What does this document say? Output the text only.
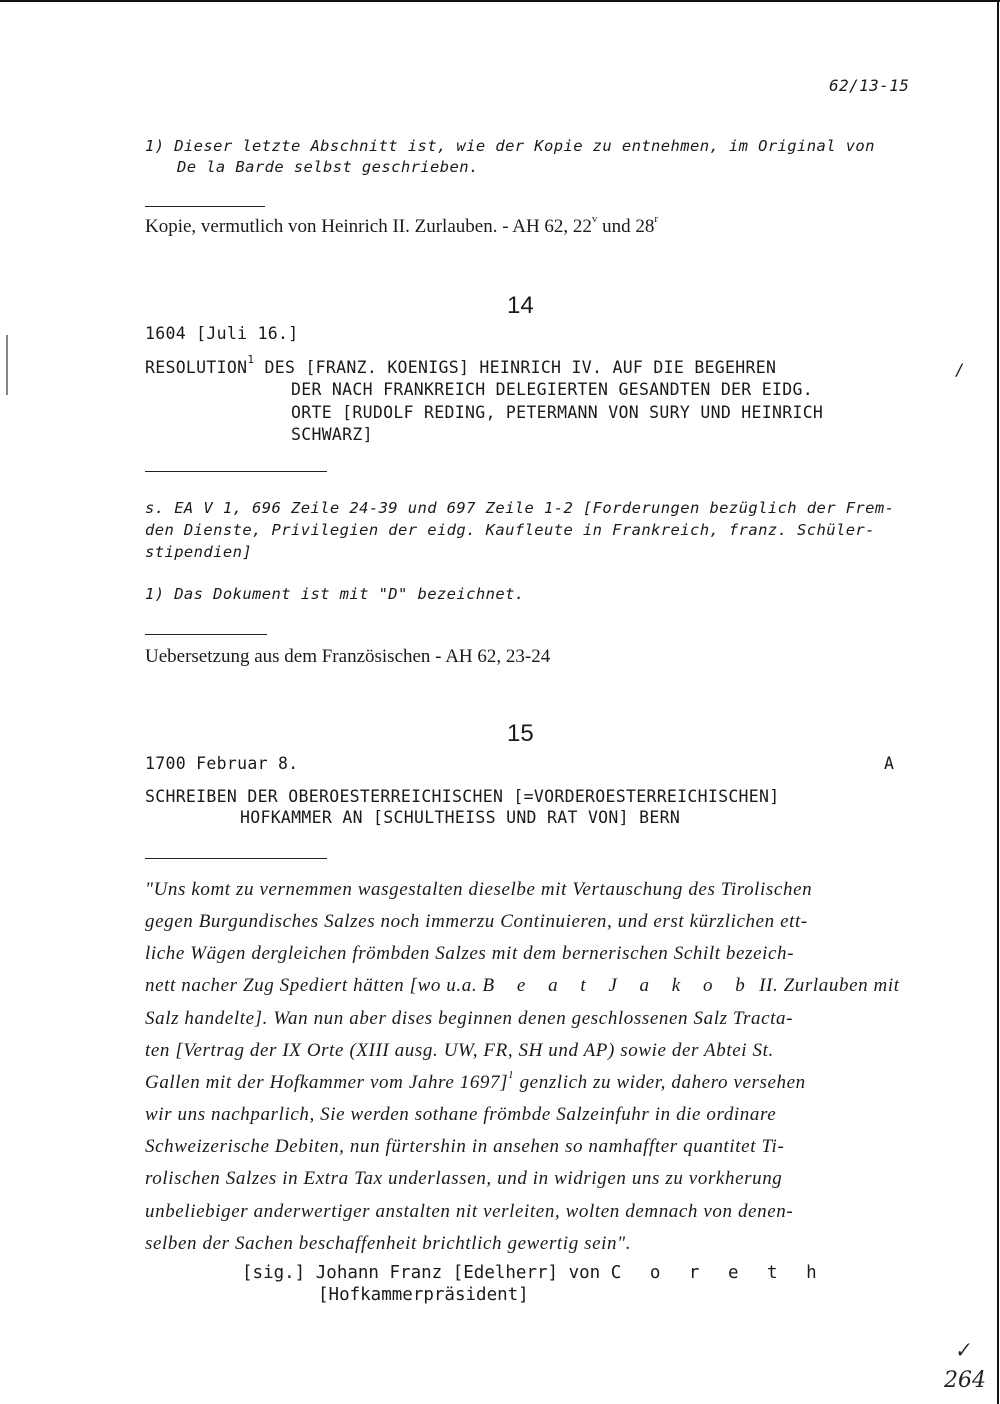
62/13-15
1) Dieser letzte Abschnitt ist, wie der Kopie zu entnehmen, im Original von
De la Barde selbst geschrieben.
Kopie, vermutlich von Heinrich II. Zurlauben. - AH 62, 22$^v$ und 28$^r$
14
1604 [Juli 16.]
RESOLUTION$^1$ DES [FRANZ. KOENIGS] HEINRICH IV. AUF DIE BEGEHREN
DER NACH FRANKREICH DELEGIERTEN GESANDTEN DER EIDG.
ORTE [RUDOLF REDING, PETERMANN VON SURY UND HEINRICH
SCHWARZ]
/
s. EA V 1, 696 Zeile 24-39 und 697 Zeile 1-2 [Forderungen bezüglich der Frem-
den Dienste, Privilegien der eidg. Kaufleute in Frankreich, franz. Schüler-
stipendien]
1) Das Dokument ist mit "D" bezeichnet.
Uebersetzung aus dem Französischen - AH 62, 23-24
15
1700 Februar 8.	A
SCHREIBEN DER OBEROESTERREICHISCHEN [=VORDEROESTERREICHISCHEN]
HOFKAMMER AN [SCHULTHEISS UND RAT VON] BERN
"Uns komt zu vernemmen wasgestalten dieselbe mit Vertauschung des Tirolischen
gegen Burgundisches Salzes noch immerzu Continuieren, und erst kürzlichen ett-
liche Wägen dergleichen frömbden Salzes mit dem bernerischen Schilt bezeich-
nett nacher Zug Spediert hätten [wo u.a. B e a t J a k o b II. Zurlauben mit
Salz handelte]. Wan nun aber dises beginnen denen geschlossenen Salz Tracta-
ten [Vertrag der IX Orte (XIII ausg. UW, FR, SH und AP) sowie der Abtei St.
Gallen mit der Hofkammer vom Jahre 1697]$^1$ genzlich zu wider, dahero versehen
wir uns nachparlich, Sie werden sothane frömbde Salzeinfuhr in die ordinare
Schweizerische Debiten, nun fürtershin in ansehen so namhaffter quantitet Ti-
rolischen Salzes in Extra Tax underlassen, und in widrigen uns zu vorkherung
unbeliebiger anderwertiger anstalten nit verleiten, wolten demnach von denen-
selben der Sachen beschaffenheit brichtlich gewertig sein".
[sig.] Johann Franz [Edelherr] von C o r e t h
[Hofkammerpräsident]
✓
264
